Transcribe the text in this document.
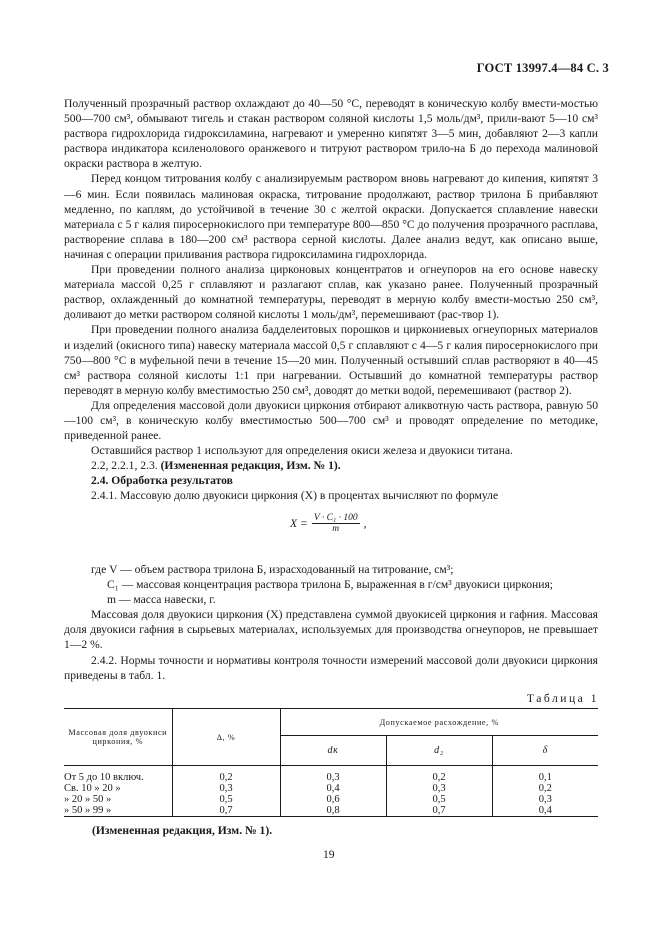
ГОСТ 13997.4—84 С. 3

Полученный прозрачный раствор охлаждают до 40—50 °С, переводят в коническую колбу вмести-мостью 500—700 см³, обмывают тигель и стакан раствором соляной кислоты 1,5 моль/дм³, прили-вают 5—10 см³ раствора гидрохлорида гидроксиламина, нагревают и умеренно кипятят 3—5 мин, добавляют 2—3 капли раствора индикатора ксиленолового оранжевого и титруют раствором трило-на Б до перехода малиновой окраски раствора в желтую.

Перед концом титрования колбу с анализируемым раствором вновь нагревают до кипения, кипятят 3—6 мин. Если появилась малиновая окраска, титрование продолжают, раствор трилона Б прибавляют медленно, по каплям, до устойчивой в течение 30 с желтой окраски. Допускается сплавление навески материала с 5 г калия пиросернокислого при температуре 800—850 °С до получения прозрачного расплава, растворение сплава в 180—200 см³ раствора серной кислоты. Далее анализ ведут, как описано выше, начиная с операции приливания раствора гидроксиламина гидрохлорида.

При проведении полного анализа цирконовых концентратов и огнеупоров на его основе навеску материала массой 0,25 г сплавляют и разлагают сплав, как указано ранее. Полученный прозрачный раствор, охлажденный до комнатной температуры, переводят в мерную колбу вмести-мостью 250 см³, доливают до метки раствором соляной кислоты 1 моль/дм³, перемешивают (рас-твор 1).

При проведении полного анализа бадделеитовых порошков и циркониевых огнеупорных материалов и изделий (окисного типа) навеску материала массой 0,5 г сплавляют с 4—5 г калия пиросернокислого при 750—800 °С в муфельной печи в течение 15—20 мин. Полученный остывший сплав растворяют в 40—45 см³ раствора соляной кислоты 1:1 при нагревании. Остывший до комнатной температуры раствор переводят в мерную колбу вместимостью 250 см³, доводят до метки водой, перемешивают (раствор 2).

Для определения массовой доли двуокиси циркония отбирают аликвотную часть раствора, равную 50—100 см³, в коническую колбу вместимостью 500—700 см³ и проводят определение по методике, приведенной ранее.

Оставшийся раствор 1 используют для определения окиси железа и двуокиси титана.

2.2, 2.2.1, 2.3. (Измененная редакция, Изм. № 1).

2.4. Обработка результатов

2.4.1. Массовую долю двуокиси циркония (X) в процентах вычисляют по формуле

$X = \frac{\text{V · C₁ · 100}}{m}$ ,

где V — объем раствора трилона Б, израсходованный на титрование, см³;

C₁ — массовая концентрация раствора трилона Б, выраженная в г/см³ двуокиси циркония;

m — масса навески, г.

Массовая доля двуокиси циркония (X) представлена суммой двуокисей циркония и гафния. Массовая доля двуокиси гафния в сырьевых материалах, используемых для производства огнеупоров, не превышает 1—2 %.

2.4.2. Нормы точности и нормативы контроля точности измерений массовой доли двуокиси циркония приведены в табл. 1.

Таблица 1
Массовая доля двуокиси циркония, %	Δ, %	Допускаемое расхождение, %		
		dк	d₂	δ
От 5 до 10 включ.	0,2	0,3	0,2	0,1
Св. 10 » 20 »	0,3	0,4	0,3	0,2
» 20 » 50 »	0,5	0,6	0,5	0,3
» 50 » 99 »	0,7	0,8	0,7	0,4
(Измененная редакция, Изм. № 1).
19
